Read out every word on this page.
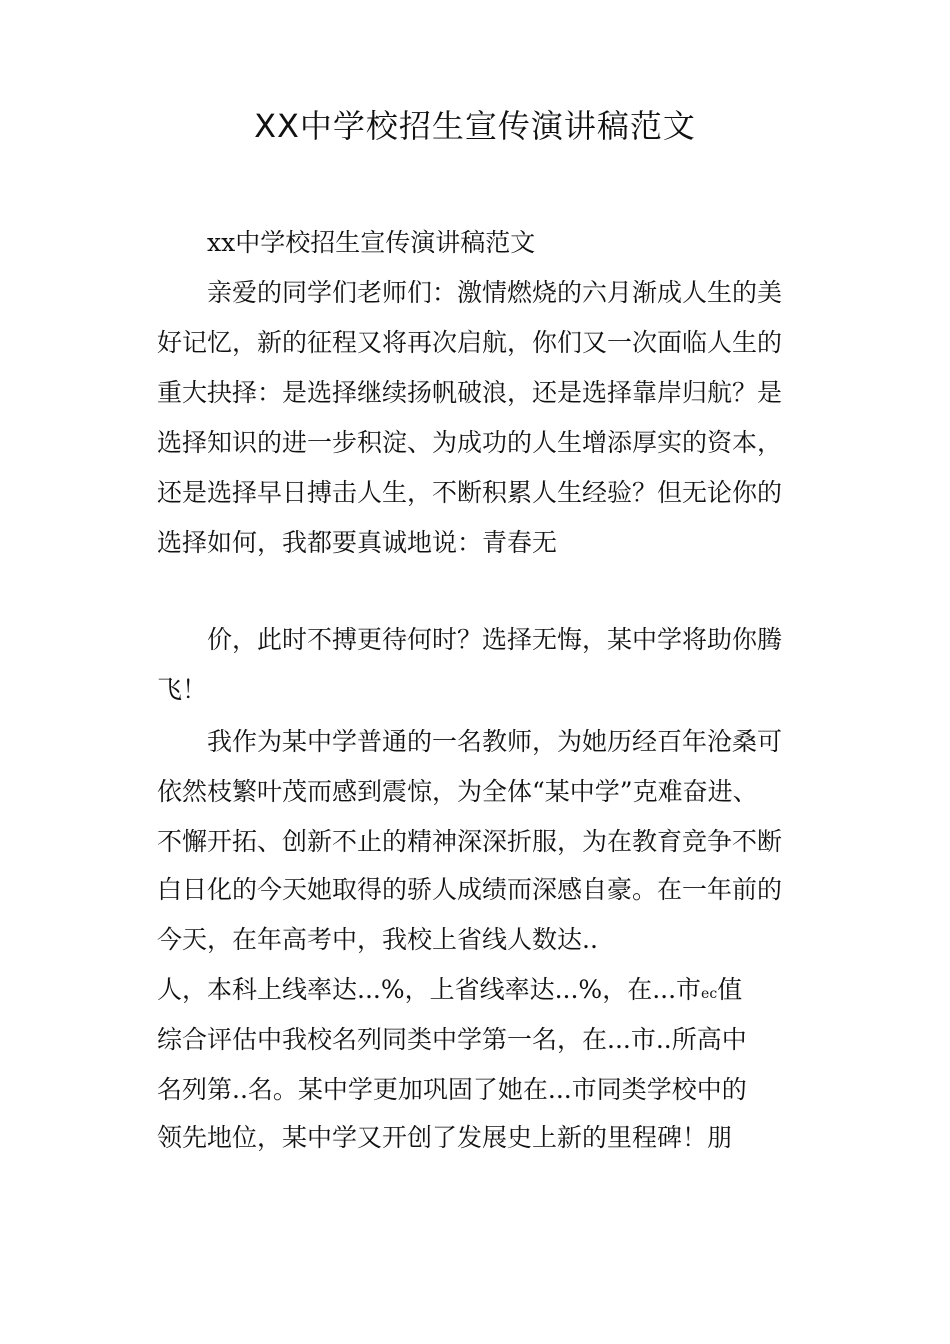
XX中学校招生宣传演讲稿范文
xx中学校招生宣传演讲稿范文
亲爱的同学们老师们：激情燃烧的六月渐成人生的美
好记忆，新的征程又将再次启航，你们又一次面临人生的
重大抉择：是选择继续扬帆破浪，还是选择靠岸归航？是
选择知识的进一步积淀、为成功的人生增添厚实的资本，
还是选择早日搏击人生，不断积累人生经验？但无论你的
选择如何，我都要真诚地说：青春无
价，此时不搏更待何时？选择无悔，某中学将助你腾
飞！
我作为某中学普通的一名教师，为她历经百年沧桑可
依然枝繁叶茂而感到震惊，为全体“某中学”克难奋进、
不懈开拓、创新不止的精神深深折服，为在教育竞争不断
白日化的今天她取得的骄人成绩而深感自豪。在一年前的
今天，在年高考中，我校上省线人数达..
人，本科上线率达...%，上省线率达...%，在...市ec值
综合评估中我校名列同类中学第一名，在...市..所高中
名列第..名。某中学更加巩固了她在...市同类学校中的
领先地位，某中学又开创了发展史上新的里程碑！朋
